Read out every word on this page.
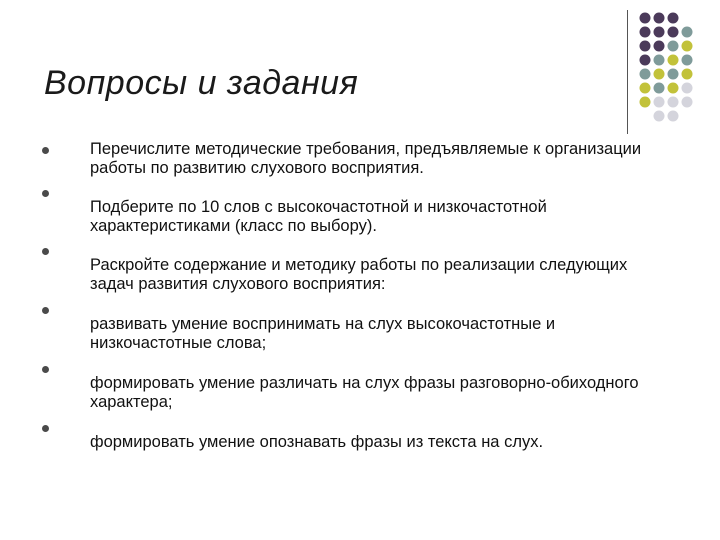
Вопросы и задания
Перечислите методические требования, предъявляемые к организации работы по развитию слухового восприятия.
Подберите по 10 слов с высокочастотной и низкочастотной характеристиками (класс по выбору).
Раскройте содержание и методику работы по реализации следующих задач развития слухового восприятия:
развивать умение воспринимать на слух высокочастотные и низкочастотные слова;
формировать умение различать на слух фразы разговорно-обиходного характера;
формировать умение опознавать фразы из текста на слух.
